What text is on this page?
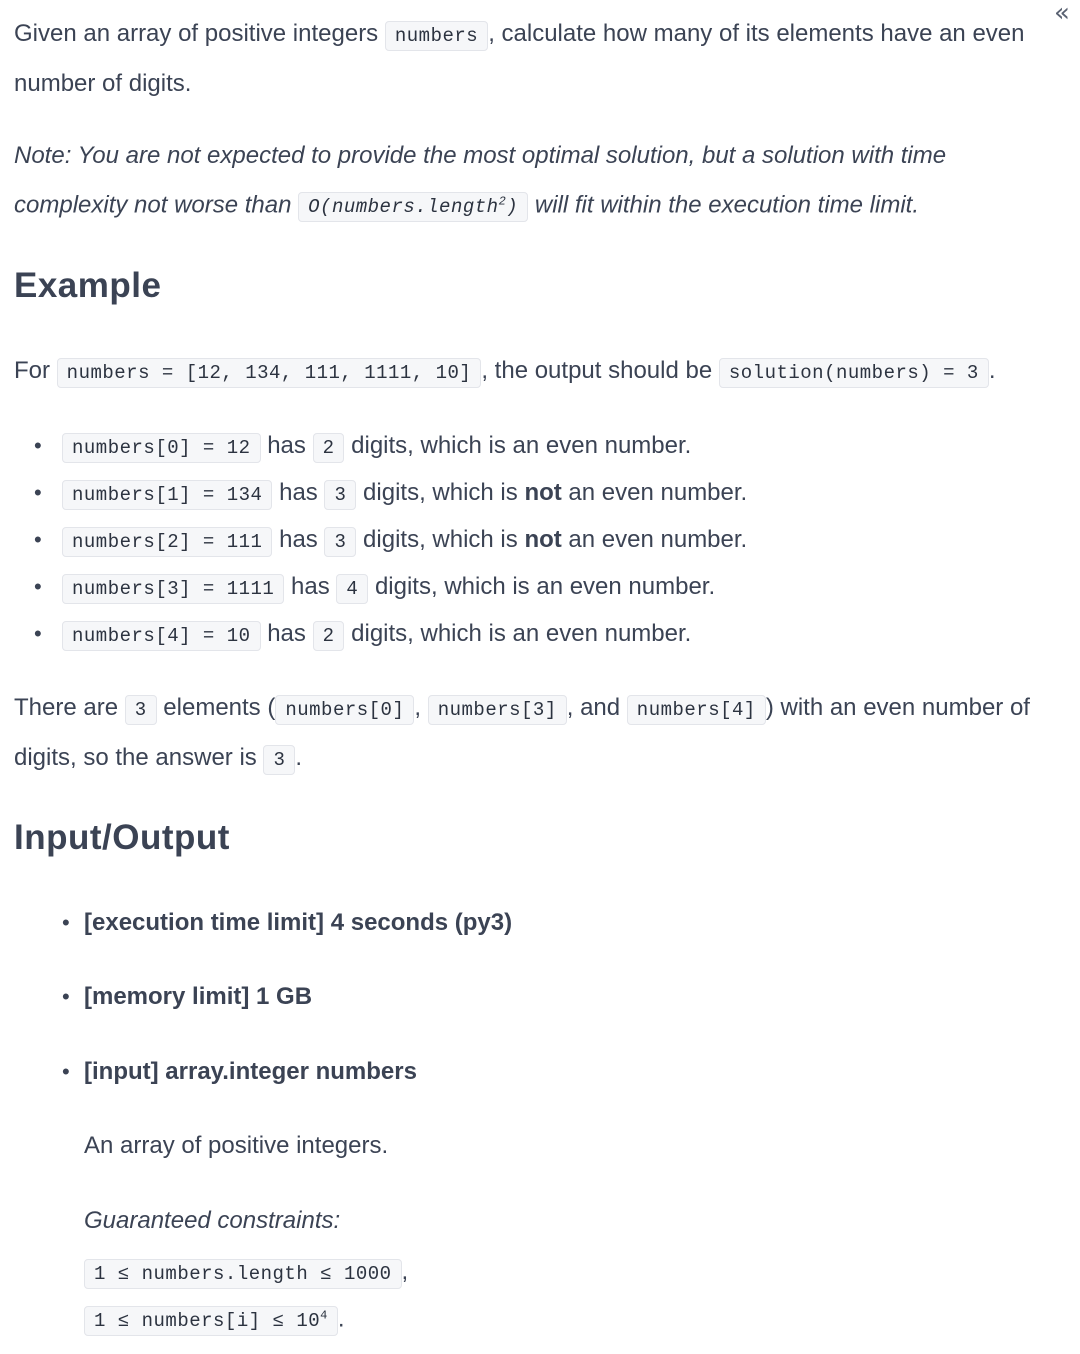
«

Given an array of positive integers numbers , calculate how many of its elements have an even number of digits.

Note: You are not expected to provide the most optimal solution, but a solution with time complexity not worse than O(numbers.length$^2$) will fit within the execution time limit.

Example

For numbers = [12, 134, 111, 1111, 10] , the output should be solution(numbers) = 3 .

• numbers[0] = 12 has 2 digits, which is an even number.
• numbers[1] = 134 has 3 digits, which is not an even number.
• numbers[2] = 111 has 3 digits, which is not an even number.
• numbers[3] = 1111 has 4 digits, which is an even number.
• numbers[4] = 10 has 2 digits, which is an even number.

There are 3 elements ( numbers[0] , numbers[3] , and numbers[4] ) with an even number of digits, so the answer is 3 .

Input/Output
• [execution time limit] 4 seconds (py3)
• [memory limit] 1 GB
• [input] array.integer numbers

An array of positive integers.

Guaranteed constraints:

1 ≤ numbers.length ≤ 1000 ,

1 ≤ numbers[i] ≤ $10^4$ .
